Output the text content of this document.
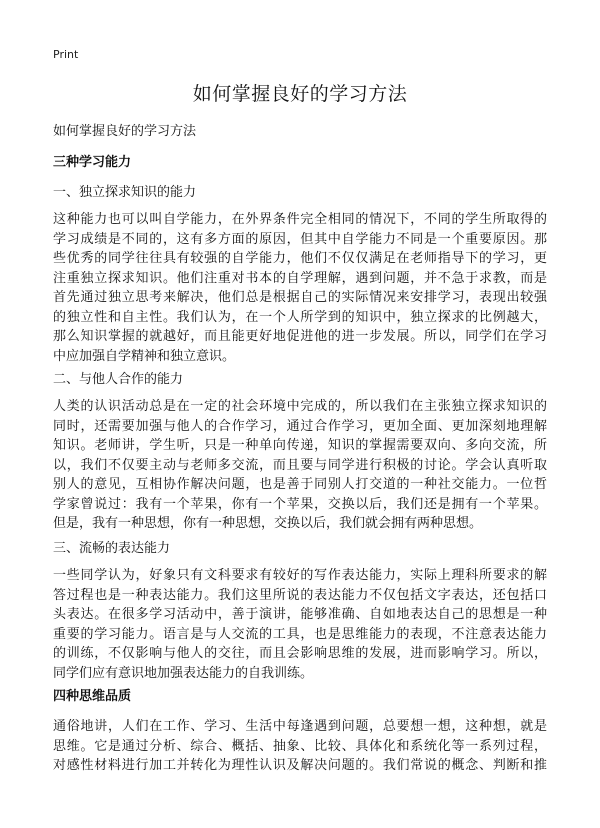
Print
如何掌握良好的学习方法
如何掌握良好的学习方法
三种学习能力
一、独立探求知识的能力
这种能力也可以叫自学能力，在外界条件完全相同的情况下，不同的学生所取得的
学习成绩是不同的，这有多方面的原因，但其中自学能力不同是一个重要原因。那
些优秀的同学往往具有较强的自学能力，他们不仅仅满足在老师指导下的学习，更
注重独立探求知识。他们注重对书本的自学理解，遇到问题，并不急于求教，而是
首先通过独立思考来解决，他们总是根据自己的实际情况来安排学习，表现出较强
的独立性和自主性。我们认为，在一个人所学到的知识中，独立探求的比例越大，
那么知识掌握的就越好，而且能更好地促进他的进一步发展。所以，同学们在学习
中应加强自学精神和独立意识。
二、与他人合作的能力
人类的认识活动总是在一定的社会环境中完成的，所以我们在主张独立探求知识的
同时，还需要加强与他人的合作学习，通过合作学习，更加全面、更加深刻地理解
知识。老师讲，学生听，只是一种单向传递，知识的掌握需要双向、多向交流，所
以，我们不仅要主动与老师多交流，而且要与同学进行积极的讨论。学会认真听取
别人的意见，互相协作解决问题，也是善于同别人打交道的一种社交能力。一位哲
学家曾说过：我有一个苹果，你有一个苹果，交换以后，我们还是拥有一个苹果。
但是，我有一种思想，你有一种思想，交换以后，我们就会拥有两种思想。
三、流畅的表达能力
一些同学认为，好象只有文科要求有较好的写作表达能力，实际上理科所要求的解
答过程也是一种表达能力。我们这里所说的表达能力不仅包括文字表达，还包括口
头表达。在很多学习活动中，善于演讲，能够准确、自如地表达自己的思想是一种
重要的学习能力。语言是与人交流的工具，也是思维能力的表现，不注意表达能力
的训练，不仅影响与他人的交往，而且会影响思维的发展，进而影响学习。所以，
同学们应有意识地加强表达能力的自我训练。
四种思维品质
通俗地讲，人们在工作、学习、生活中每逢遇到问题，总要想一想，这种想，就是
思维。它是通过分析、综合、概括、抽象、比较、具体化和系统化等一系列过程，
对感性材料进行加工并转化为理性认识及解决问题的。我们常说的概念、判断和推
